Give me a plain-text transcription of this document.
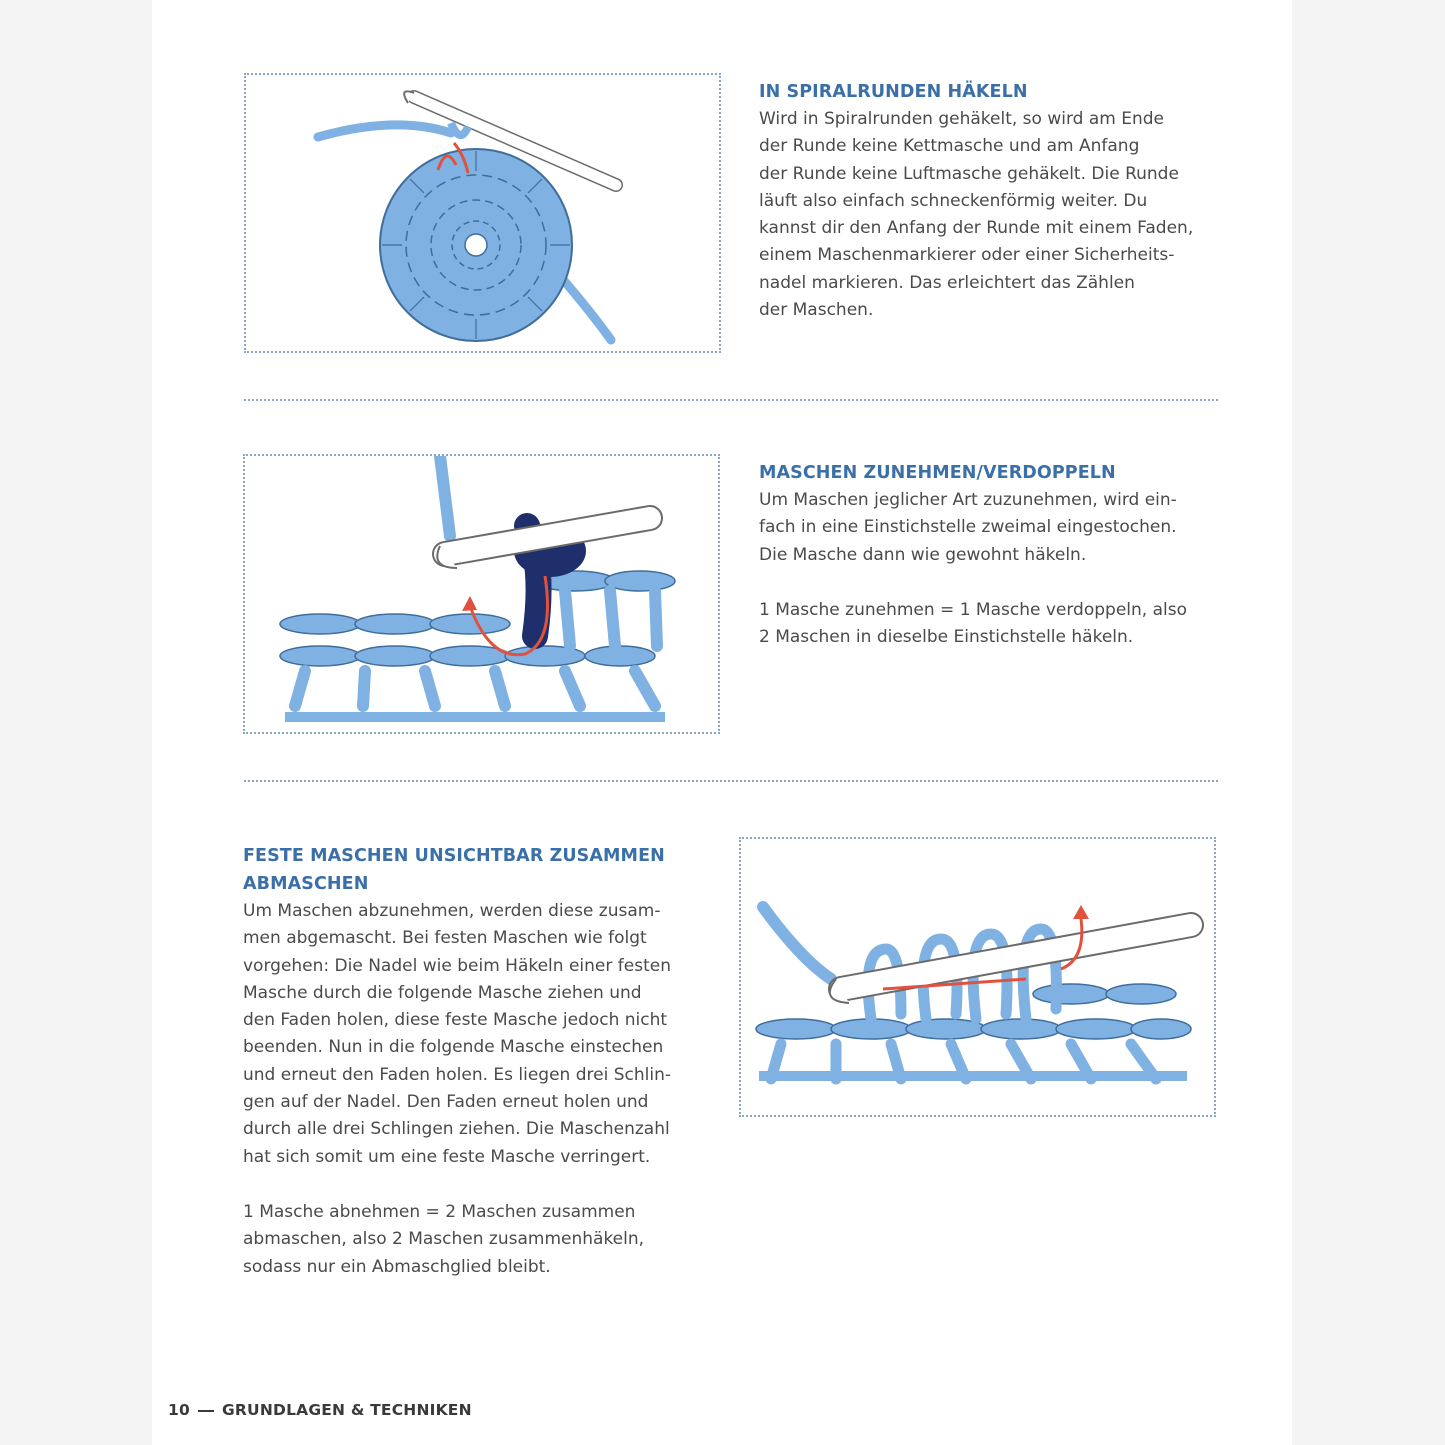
IN SPIRALRUNDEN HÄKELN

Wird in Spiralrunden gehäkelt, so wird am Ende
der Runde keine Kettmasche und am Anfang
der Runde keine Luftmasche gehäkelt. Die Runde
läuft also einfach schneckenförmig weiter. Du
kannst dir den Anfang der Runde mit einem Faden,
einem Maschenmarkierer oder einer Sicherheits-
nadel markieren. Das erleichtert das Zählen
der Maschen.

MASCHEN ZUNEHMEN/VERDOPPELN

Um Maschen jeglicher Art zuzunehmen, wird ein-
fach in eine Einstichstelle zweimal eingestochen.
Die Masche dann wie gewohnt häkeln.

1 Masche zunehmen = 1 Masche verdoppeln, also
2 Maschen in dieselbe Einstichstelle häkeln.

FESTE MASCHEN UNSICHTBAR ZUSAMMEN
ABMASCHEN

Um Maschen abzunehmen, werden diese zusam-
men abgemascht. Bei festen Maschen wie folgt
vorgehen: Die Nadel wie beim Häkeln einer festen
Masche durch die folgende Masche ziehen und
den Faden holen, diese feste Masche jedoch nicht
beenden. Nun in die folgende Masche einstechen
und erneut den Faden holen. Es liegen drei Schlin-
gen auf der Nadel. Den Faden erneut holen und
durch alle drei Schlingen ziehen. Die Maschenzahl
hat sich somit um eine feste Masche verringert.

1 Masche abnehmen = 2 Maschen zusammen
abmaschen, also 2 Maschen zusammenhäkeln,
sodass nur ein Abmaschglied bleibt.

10 GRUNDLAGEN & TECHNIKEN
